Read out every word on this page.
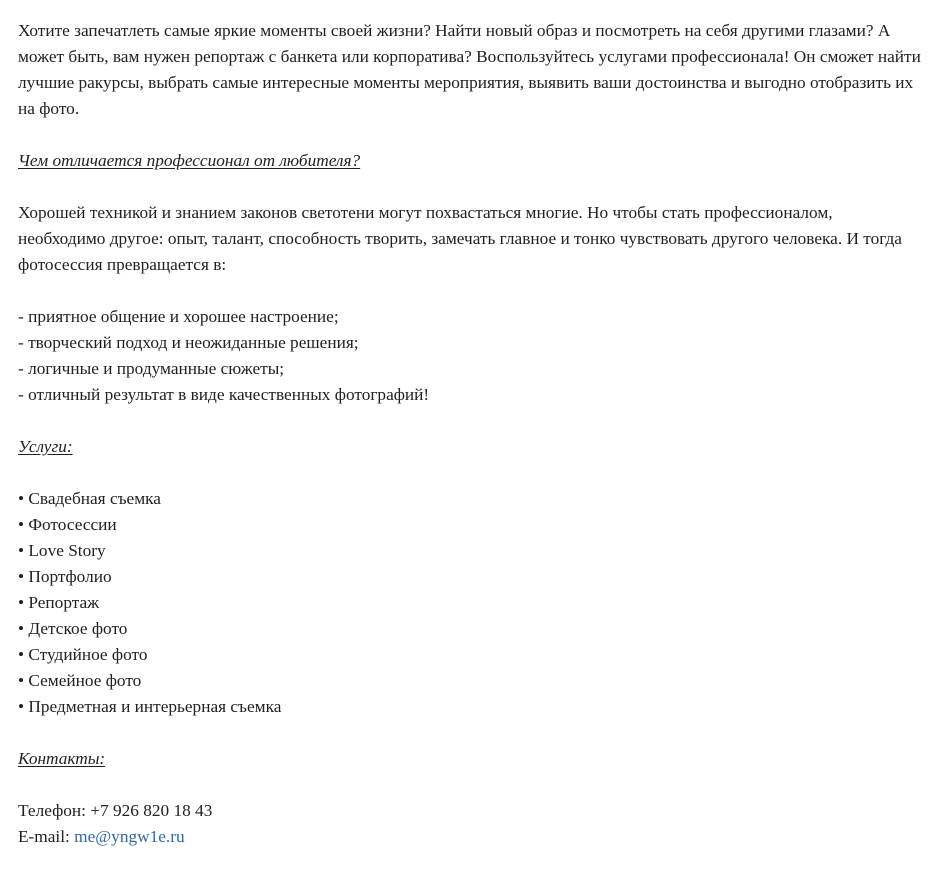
Хотите запечатлеть самые яркие моменты своей жизни? Найти новый образ и посмотреть на себя другими глазами? А может быть, вам нужен репортаж с банкета или корпоратива? Воспользуйтесь услугами профессионала! Он сможет найти лучшие ракурсы, выбрать самые интересные моменты мероприятия, выявить ваши достоинства и выгодно отобразить их на фото.

Чем отличается профессионал от любителя?

Хорошей техникой и знанием законов светотени могут похвастаться многие. Но чтобы стать профессионалом, необходимо другое: опыт, талант, способность творить, замечать главное и тонко чувствовать другого человека. И тогда фотосессия превращается в:

- приятное общение и хорошее настроение;

- творческий подход и неожиданные решения;

- логичные и продуманные сюжеты;

- отличный результат в виде качественных фотографий!

Услуги:

• Свадебная съемка

• Фотосессии

• Love Story

• Портфолио

• Репортаж

• Детское фото

• Студийное фото

• Семейное фото

• Предметная и интерьерная съемка

Контакты:

Телефон: +7 926 820 18 43

E-mail: me@yngw1e.ru
